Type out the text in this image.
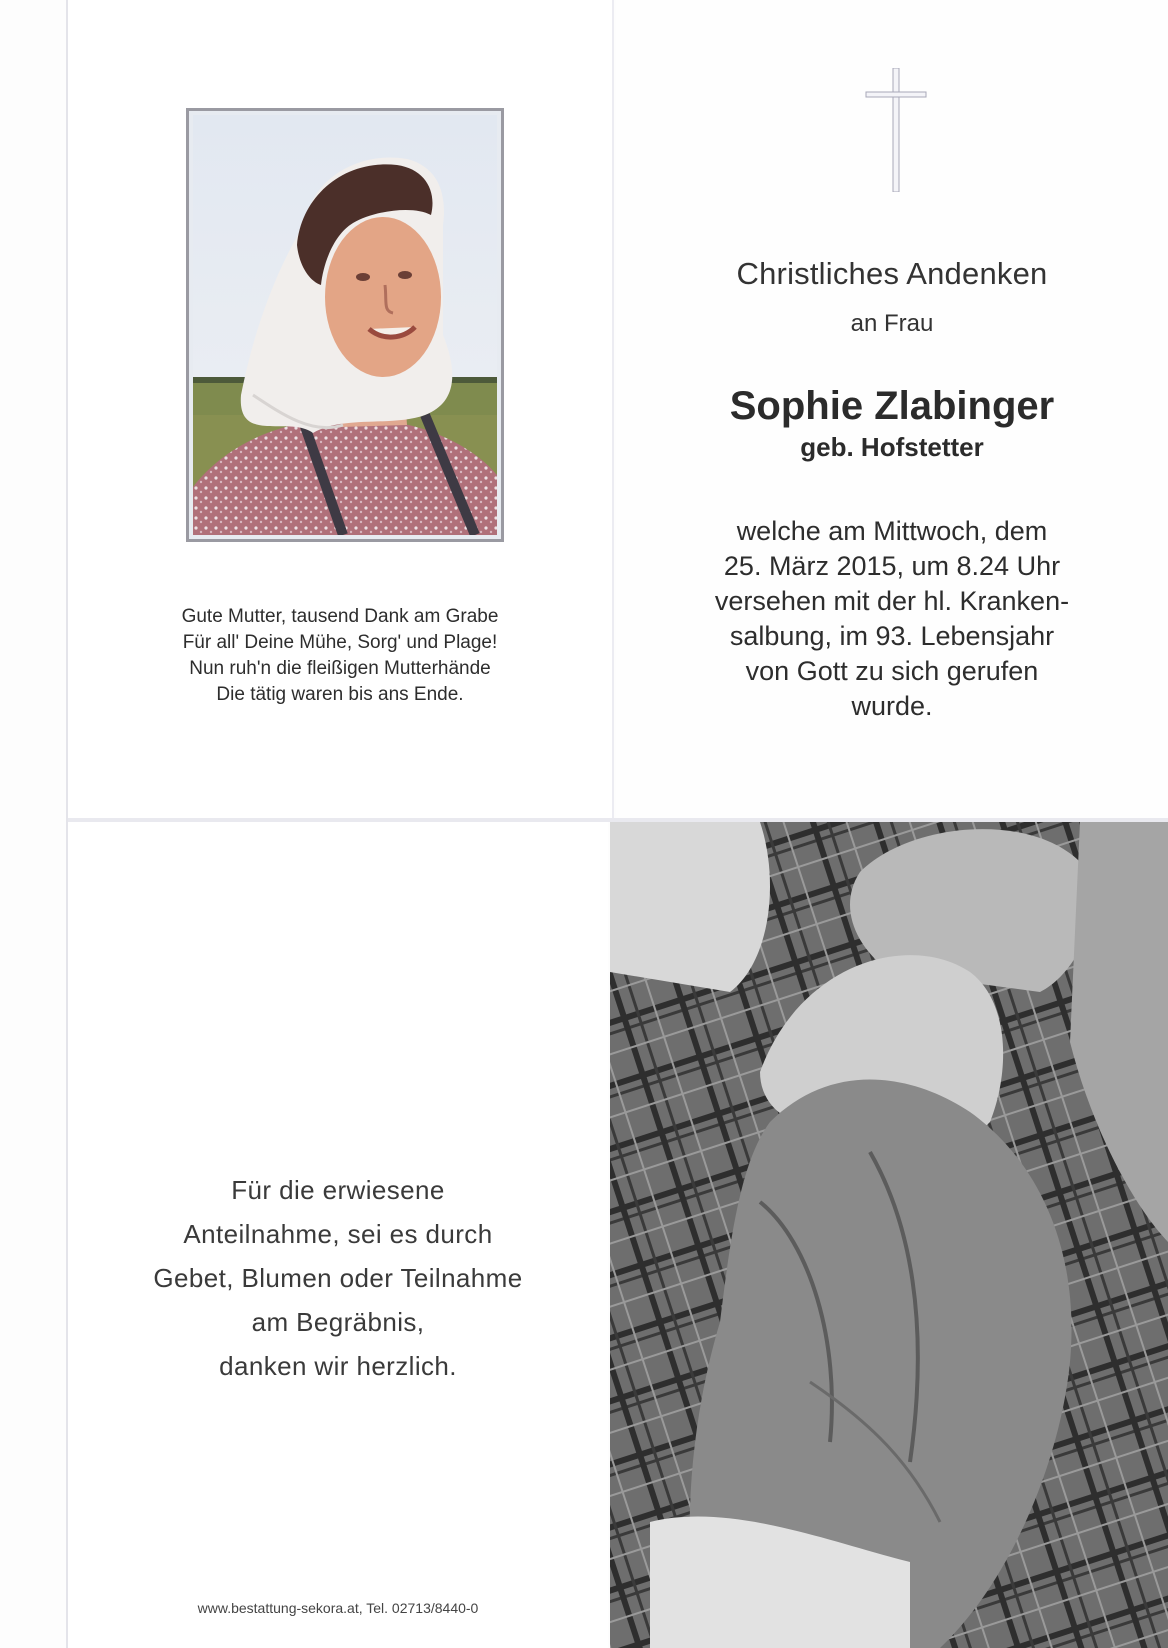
Gute Mutter, tausend Dank am Grabe
Für all' Deine Mühe, Sorg' und Plage!
Nun ruh'n die fleißigen Mutterhände
Die tätig waren bis ans Ende.
Christliches Andenken
an Frau
Sophie Zlabinger
geb. Hofstetter
welche am Mittwoch, dem
25. März 2015, um 8.24 Uhr
versehen mit der hl. Kranken-
salbung, im 93. Lebensjahr
von Gott zu sich gerufen
wurde.
Für die erwiesene
Anteilnahme, sei es durch
Gebet, Blumen oder Teilnahme
am Begräbnis,
danken wir herzlich.
www.bestattung-sekora.at, Tel. 02713/8440-0
